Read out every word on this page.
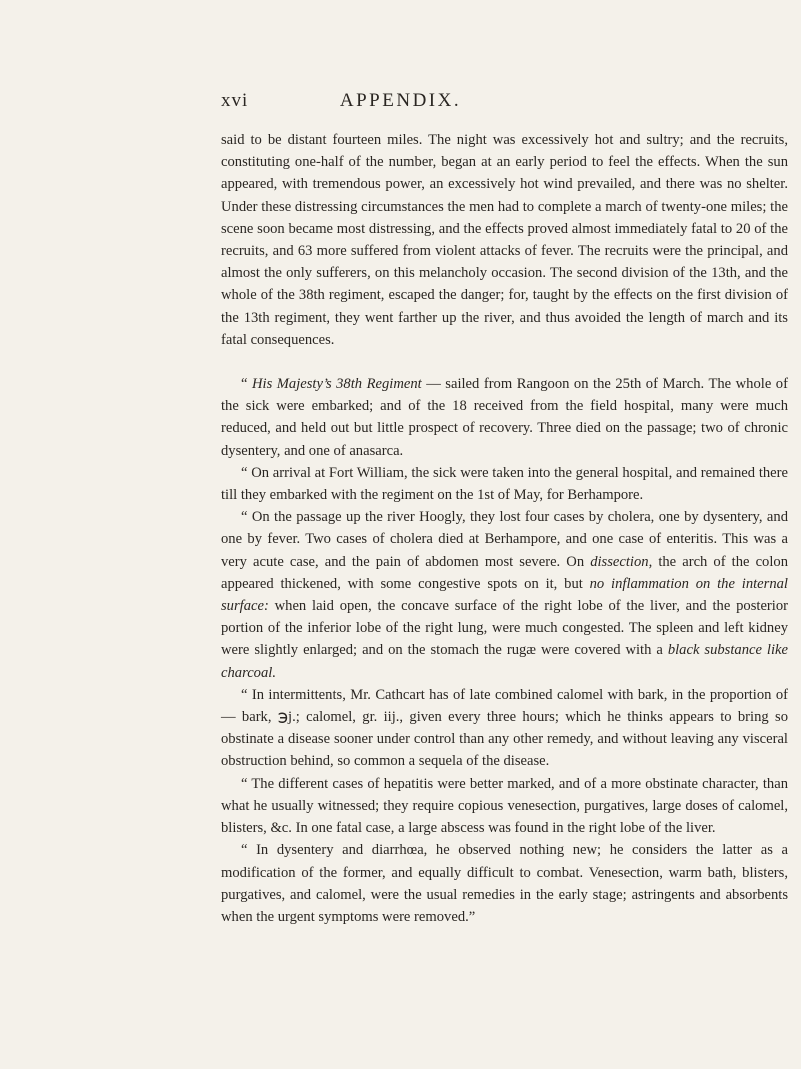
xvi	APPENDIX.

said to be distant fourteen miles. The night was excessively hot and sultry; and the recruits, constituting one-half of the number, began at an early period to feel the effects. When the sun appeared, with tremendous power, an excessively hot wind prevailed, and there was no shelter. Under these distressing circumstances the men had to complete a march of twenty-one miles; the scene soon became most distressing, and the effects proved almost immediately fatal to 20 of the recruits, and 63 more suffered from violent attacks of fever. The recruits were the principal, and almost the only sufferers, on this melancholy occasion. The second division of the 13th, and the whole of the 38th regiment, escaped the danger; for, taught by the effects on the first division of the 13th regiment, they went farther up the river, and thus avoided the length of march and its fatal consequences.

“ His Majesty’s 38th Regiment — sailed from Rangoon on the 25th of March. The whole of the sick were embarked; and of the 18 received from the field hospital, many were much reduced, and held out but little prospect of recovery. Three died on the passage; two of chronic dysentery, and one of anasarca.

“ On arrival at Fort William, the sick were taken into the general hospital, and remained there till they embarked with the regiment on the 1st of May, for Berhampore.

“ On the passage up the river Hoogly, they lost four cases by cholera, one by dysentery, and one by fever. Two cases of cholera died at Berhampore, and one case of enteritis. This was a very acute case, and the pain of abdomen most severe. On dissection, the arch of the colon appeared thickened, with some congestive spots on it, but no inflammation on the internal surface: when laid open, the concave surface of the right lobe of the liver, and the posterior portion of the inferior lobe of the right lung, were much congested. The spleen and left kidney were slightly enlarged; and on the stomach the rugæ were covered with a black substance like charcoal.

“ In intermittents, Mr. Cathcart has of late combined calomel with bark, in the proportion of — bark, ℈j.; calomel, gr. iij., given every three hours; which he thinks appears to bring so obstinate a disease sooner under control than any other remedy, and without leaving any visceral obstruction behind, so common a sequela of the disease.

“ The different cases of hepatitis were better marked, and of a more obstinate character, than what he usually witnessed; they require copious venesection, purgatives, large doses of calomel, blisters, &c. In one fatal case, a large abscess was found in the right lobe of the liver.

“ In dysentery and diarrhœa, he observed nothing new; he considers the latter as a modification of the former, and equally difficult to combat. Venesection, warm bath, blisters, purgatives, and calomel, were the usual remedies in the early stage; astringents and absorbents when the urgent symptoms were removed.”
